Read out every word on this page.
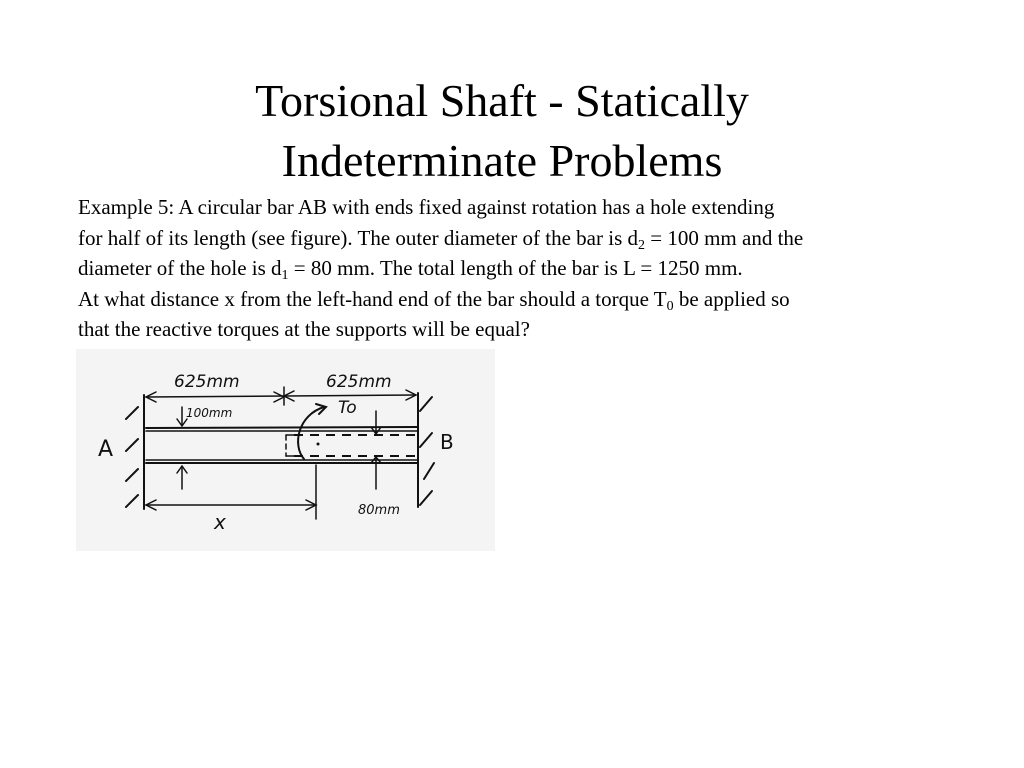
Torsional Shaft - Statically
Indeterminate Problems
Example 5: A circular bar AB with ends fixed against rotation has a hole extending
for half of its length (see figure). The outer diameter of the bar is $d_2 = 100$ mm and the
diameter of the hole is $d_1 = 80$ mm. The total length of the bar is L = 1250 mm.
At what distance x from the left-hand end of the bar should a torque $T_0$ be applied so
that the reactive torques at the supports will be equal?
625mm	625mm
100mm	To
x
A	B
80mm
